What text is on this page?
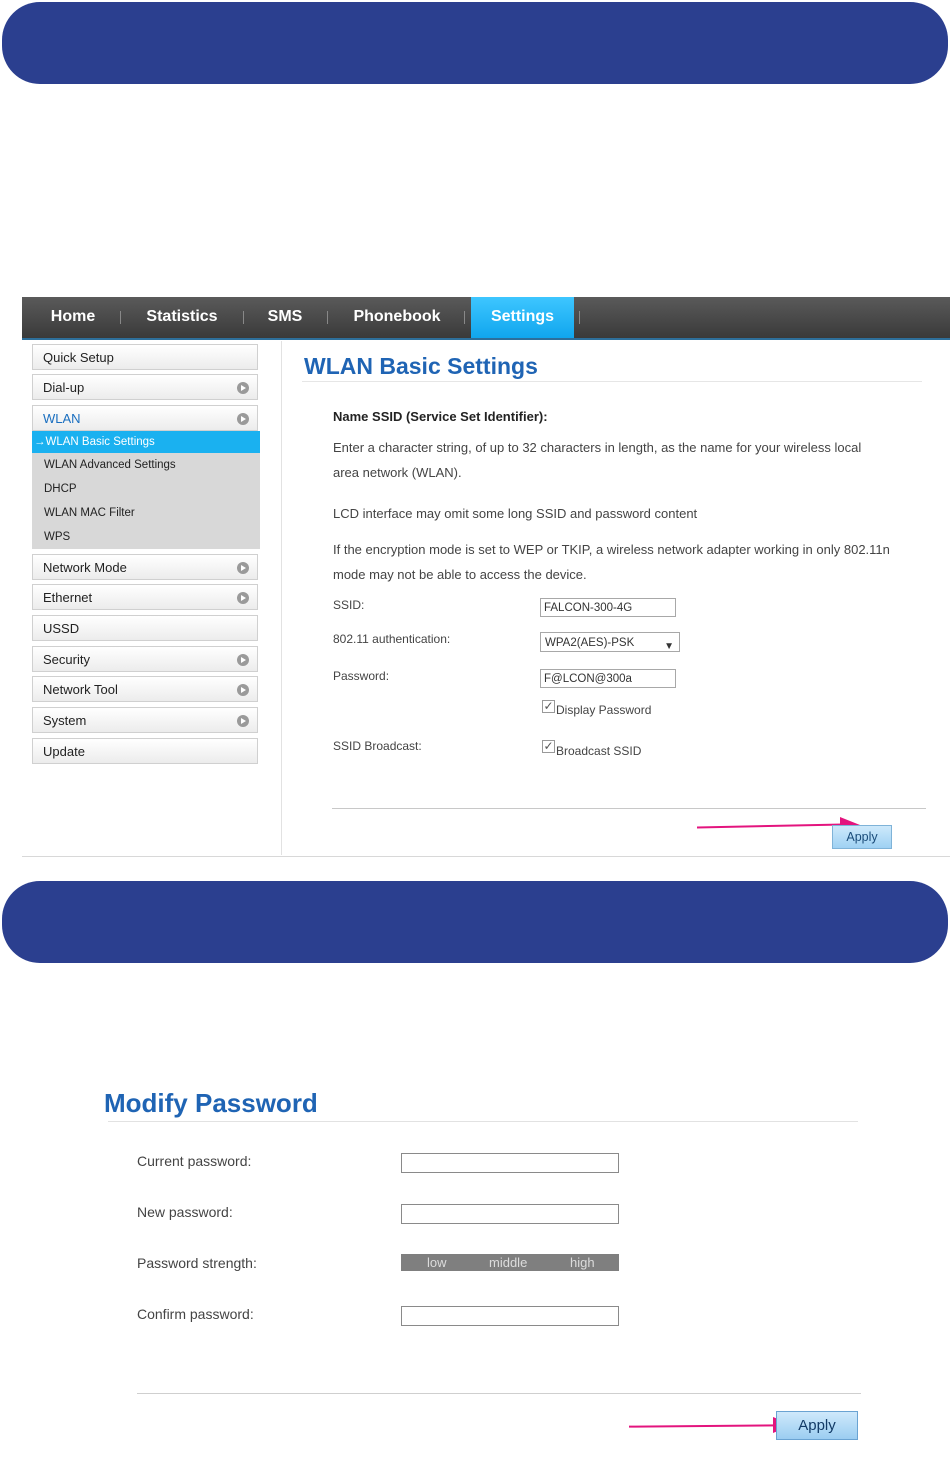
Home	Statistics	SMS	Phonebook	Settings
Quick Setup
Dial-up
WLAN
→WLAN Basic Settings
WLAN Advanced Settings
DHCP
WLAN MAC Filter
WPS
Network Mode
Ethernet
USSD
Security
Network Tool
System
Update
WLAN Basic Settings
Name SSID (Service Set Identifier):
Enter a character string, of up to 32 characters in length, as the name for your wireless local
area network (WLAN).
LCD interface may omit some long SSID and password content
If the encryption mode is set to WEP or TKIP, a wireless network adapter working in only 802.11n
mode may not be able to access the device.
SSID:	FALCON-300-4G
802.11 authentication:	WPA2(AES)-PSK	▼
Password:	F@LCON@300a
✓ Display Password
SSID Broadcast:	✓ Broadcast SSID
Apply
Modify Password
Current password:
New password:
Password strength:	low	middle	high
Confirm password:
Apply
